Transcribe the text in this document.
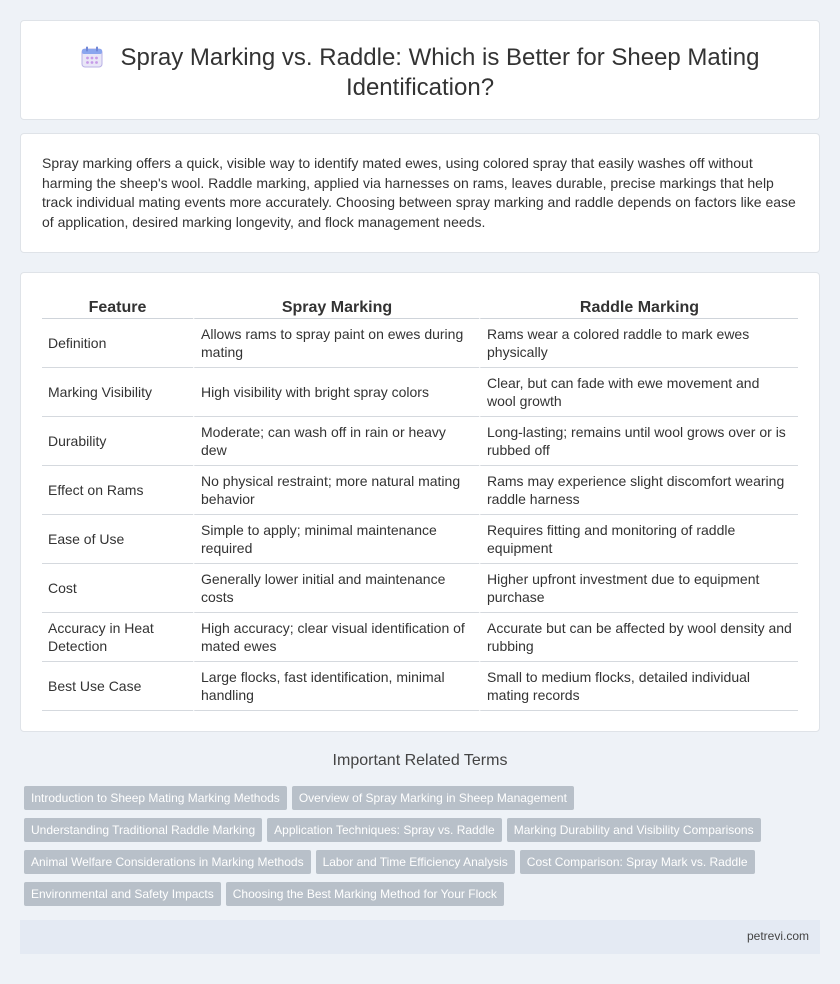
Spray Marking vs. Raddle: Which is Better for Sheep Mating Identification?

Spray marking offers a quick, visible way to identify mated ewes, using colored spray that easily washes off without harming the sheep's wool. Raddle marking, applied via harnesses on rams, leaves durable, precise markings that help track individual mating events more accurately. Choosing between spray marking and raddle depends on factors like ease of application, desired marking longevity, and flock management needs.

Feature	Spray Marking	Raddle Marking
Definition	Allows rams to spray paint on ewes during mating	Rams wear a colored raddle to mark ewes physically
Marking Visibility	High visibility with bright spray colors	Clear, but can fade with ewe movement and wool growth
Durability	Moderate; can wash off in rain or heavy dew	Long-lasting; remains until wool grows over or is rubbed off
Effect on Rams	No physical restraint; more natural mating behavior	Rams may experience slight discomfort wearing raddle harness
Ease of Use	Simple to apply; minimal maintenance required	Requires fitting and monitoring of raddle equipment
Cost	Generally lower initial and maintenance costs	Higher upfront investment due to equipment purchase
Accuracy in Heat Detection	High accuracy; clear visual identification of mated ewes	Accurate but can be affected by wool density and rubbing
Best Use Case	Large flocks, fast identification, minimal handling	Small to medium flocks, detailed individual mating records
Important Related Terms
Introduction to Sheep Mating Marking Methods Overview of Spray Marking in Sheep Management
Understanding Traditional Raddle Marking Application Techniques: Spray vs. Raddle Marking Durability and Visibility Comparisons
Animal Welfare Considerations in Marking Methods Labor and Time Efficiency Analysis Cost Comparison: Spray Mark vs. Raddle
Environmental and Safety Impacts Choosing the Best Marking Method for Your Flock
petrevi.com
